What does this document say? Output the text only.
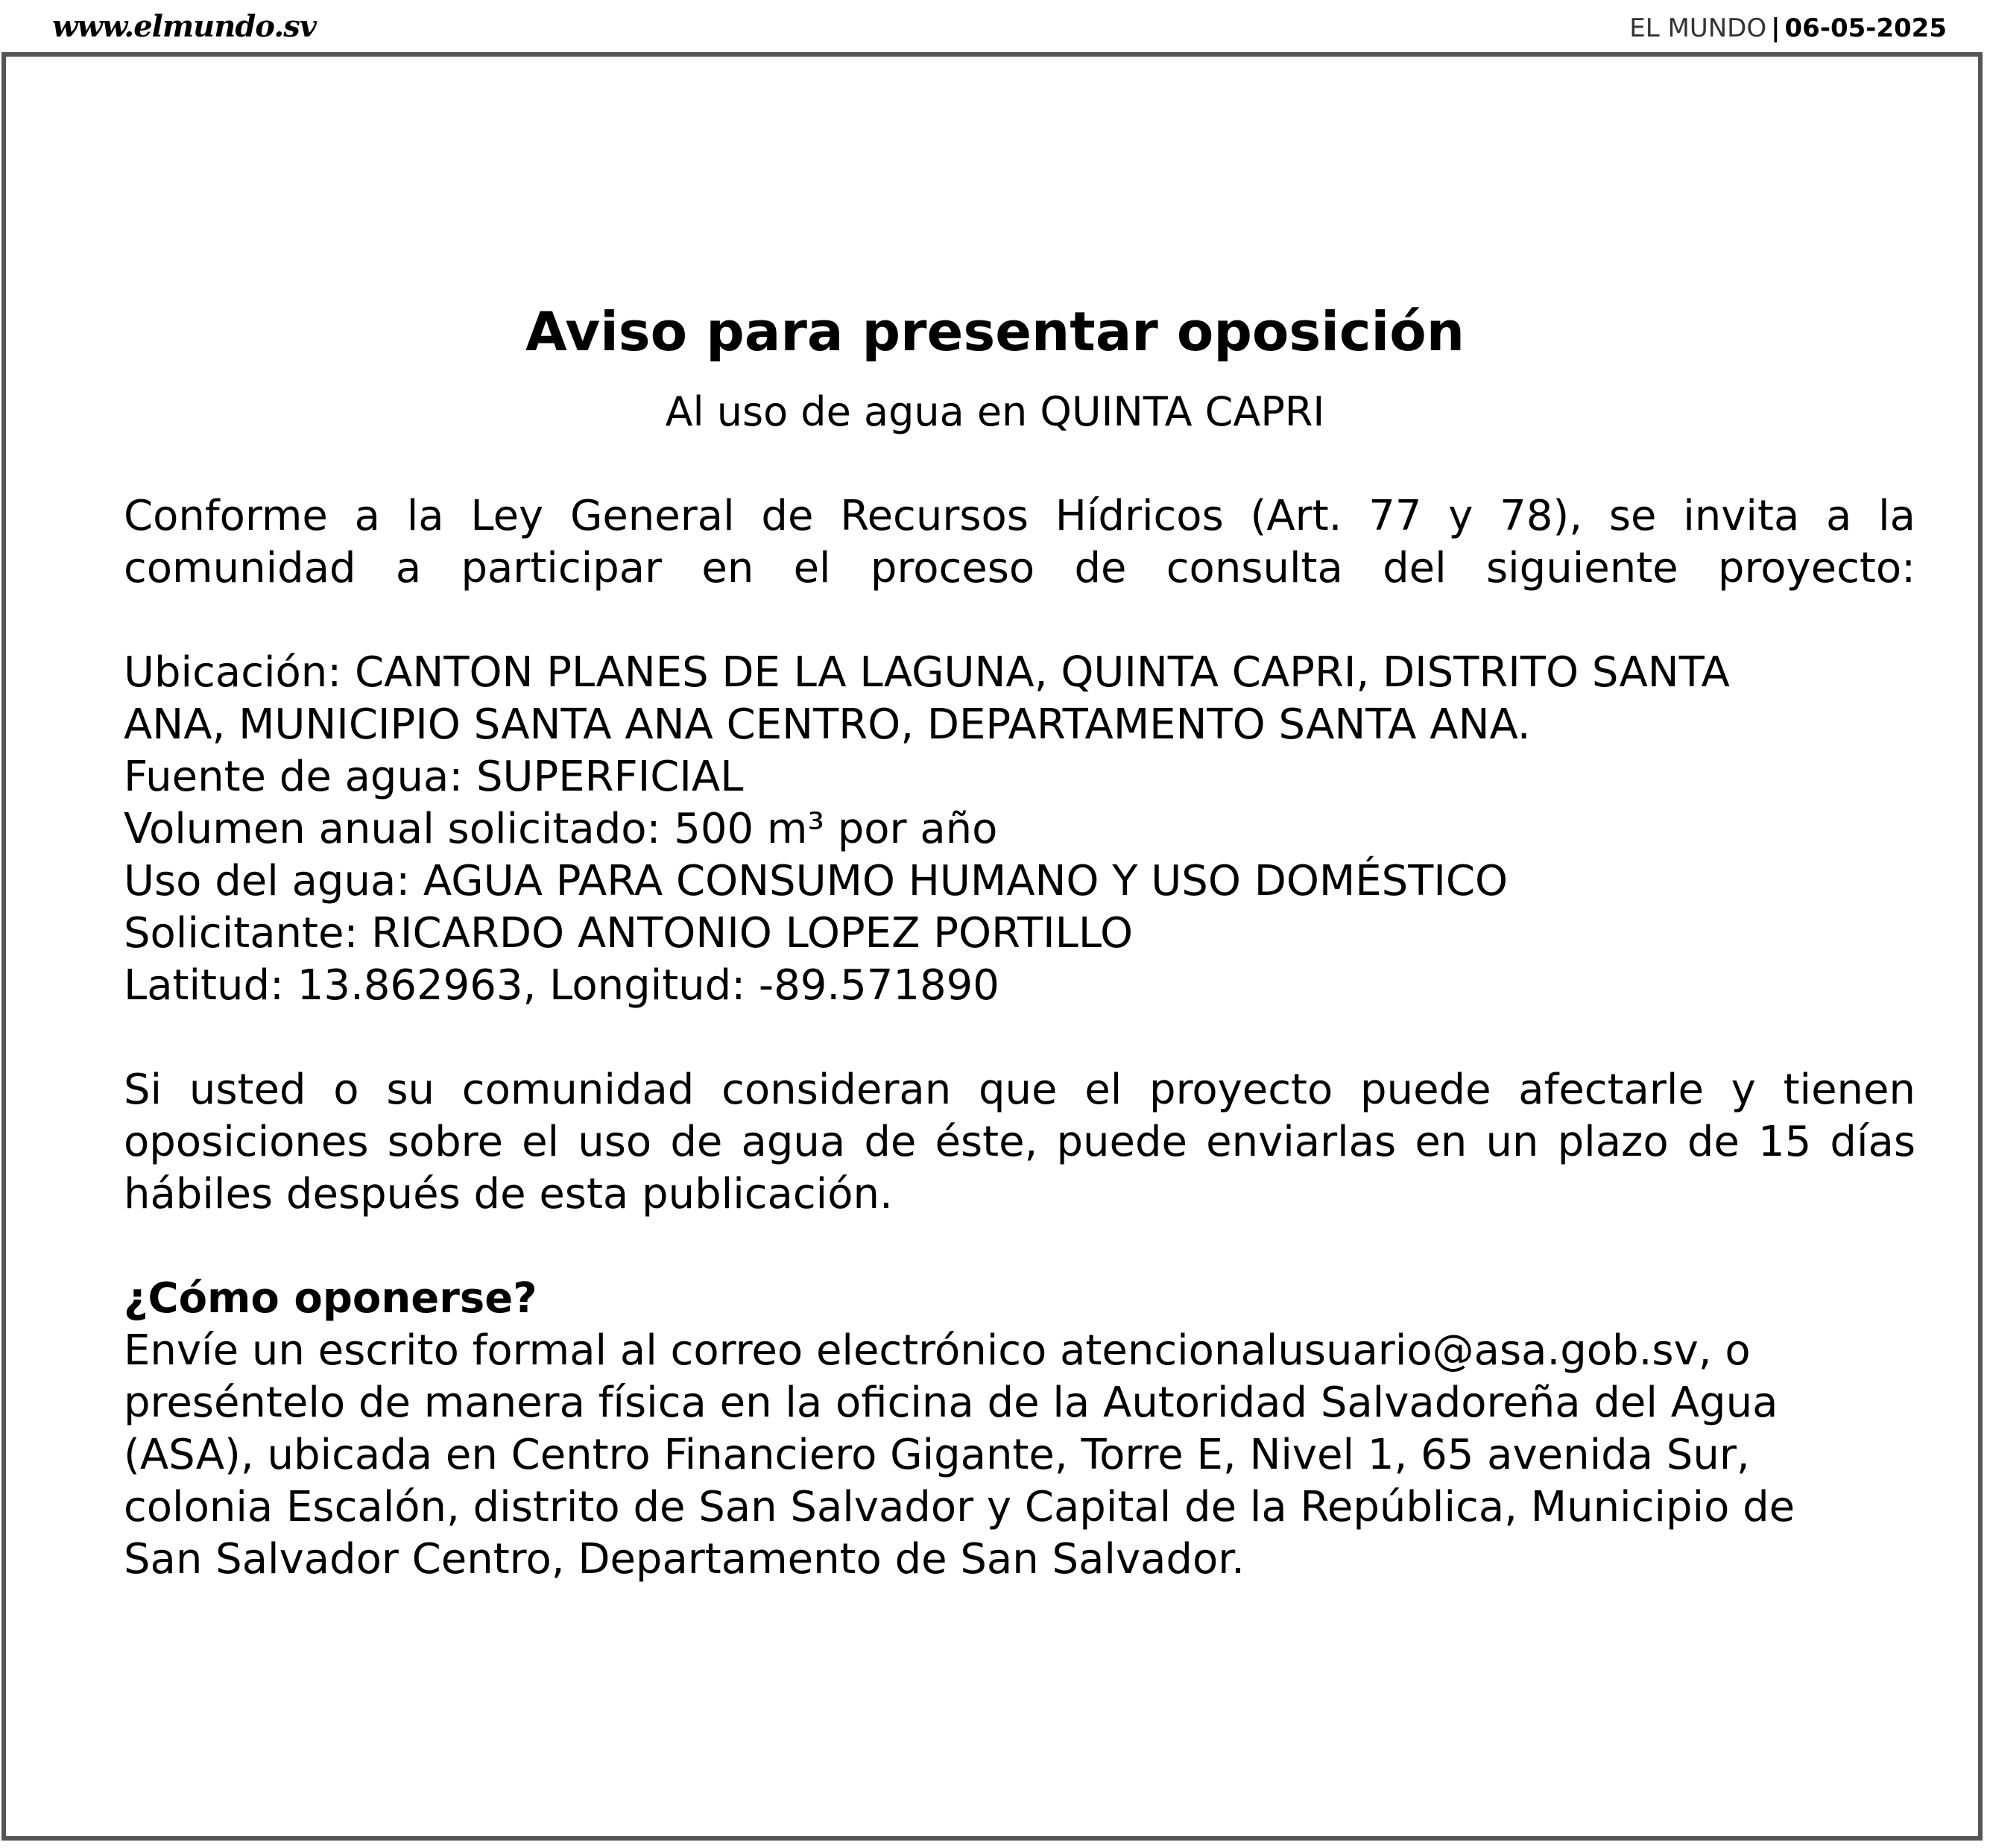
www.elmundo.sv	EL MUNDO | 06-05-2025
Aviso para presentar oposición
Al uso de agua en QUINTA CAPRI

Conforme a la Ley General de Recursos Hídricos (Art. 77 y 78), se invita a la
comunidad a participar en el proceso de consulta del siguiente proyecto:

Ubicación: CANTON PLANES DE LA LAGUNA, QUINTA CAPRI, DISTRITO SANTA
ANA, MUNICIPIO SANTA ANA CENTRO, DEPARTAMENTO SANTA ANA.
Fuente de agua: SUPERFICIAL
Volumen anual solicitado: 500 m³ por año
Uso del agua: AGUA PARA CONSUMO HUMANO Y USO DOMÉSTICO
Solicitante: RICARDO ANTONIO LOPEZ PORTILLO
Latitud: 13.862963, Longitud: -89.571890
Si usted o su comunidad consideran que el proyecto puede afectarle y tienen
oposiciones sobre el uso de agua de éste, puede enviarlas en un plazo de 15 días
hábiles después de esta publicación.

¿Cómo oponerse?

Envíe un escrito formal al correo electrónico atencionalusuario@asa.gob.sv, o
preséntelo de manera física en la oficina de la Autoridad Salvadoreña del Agua
(ASA), ubicada en Centro Financiero Gigante, Torre E, Nivel 1, 65 avenida Sur,
colonia Escalón, distrito de San Salvador y Capital de la República, Municipio de
San Salvador Centro, Departamento de San Salvador.
